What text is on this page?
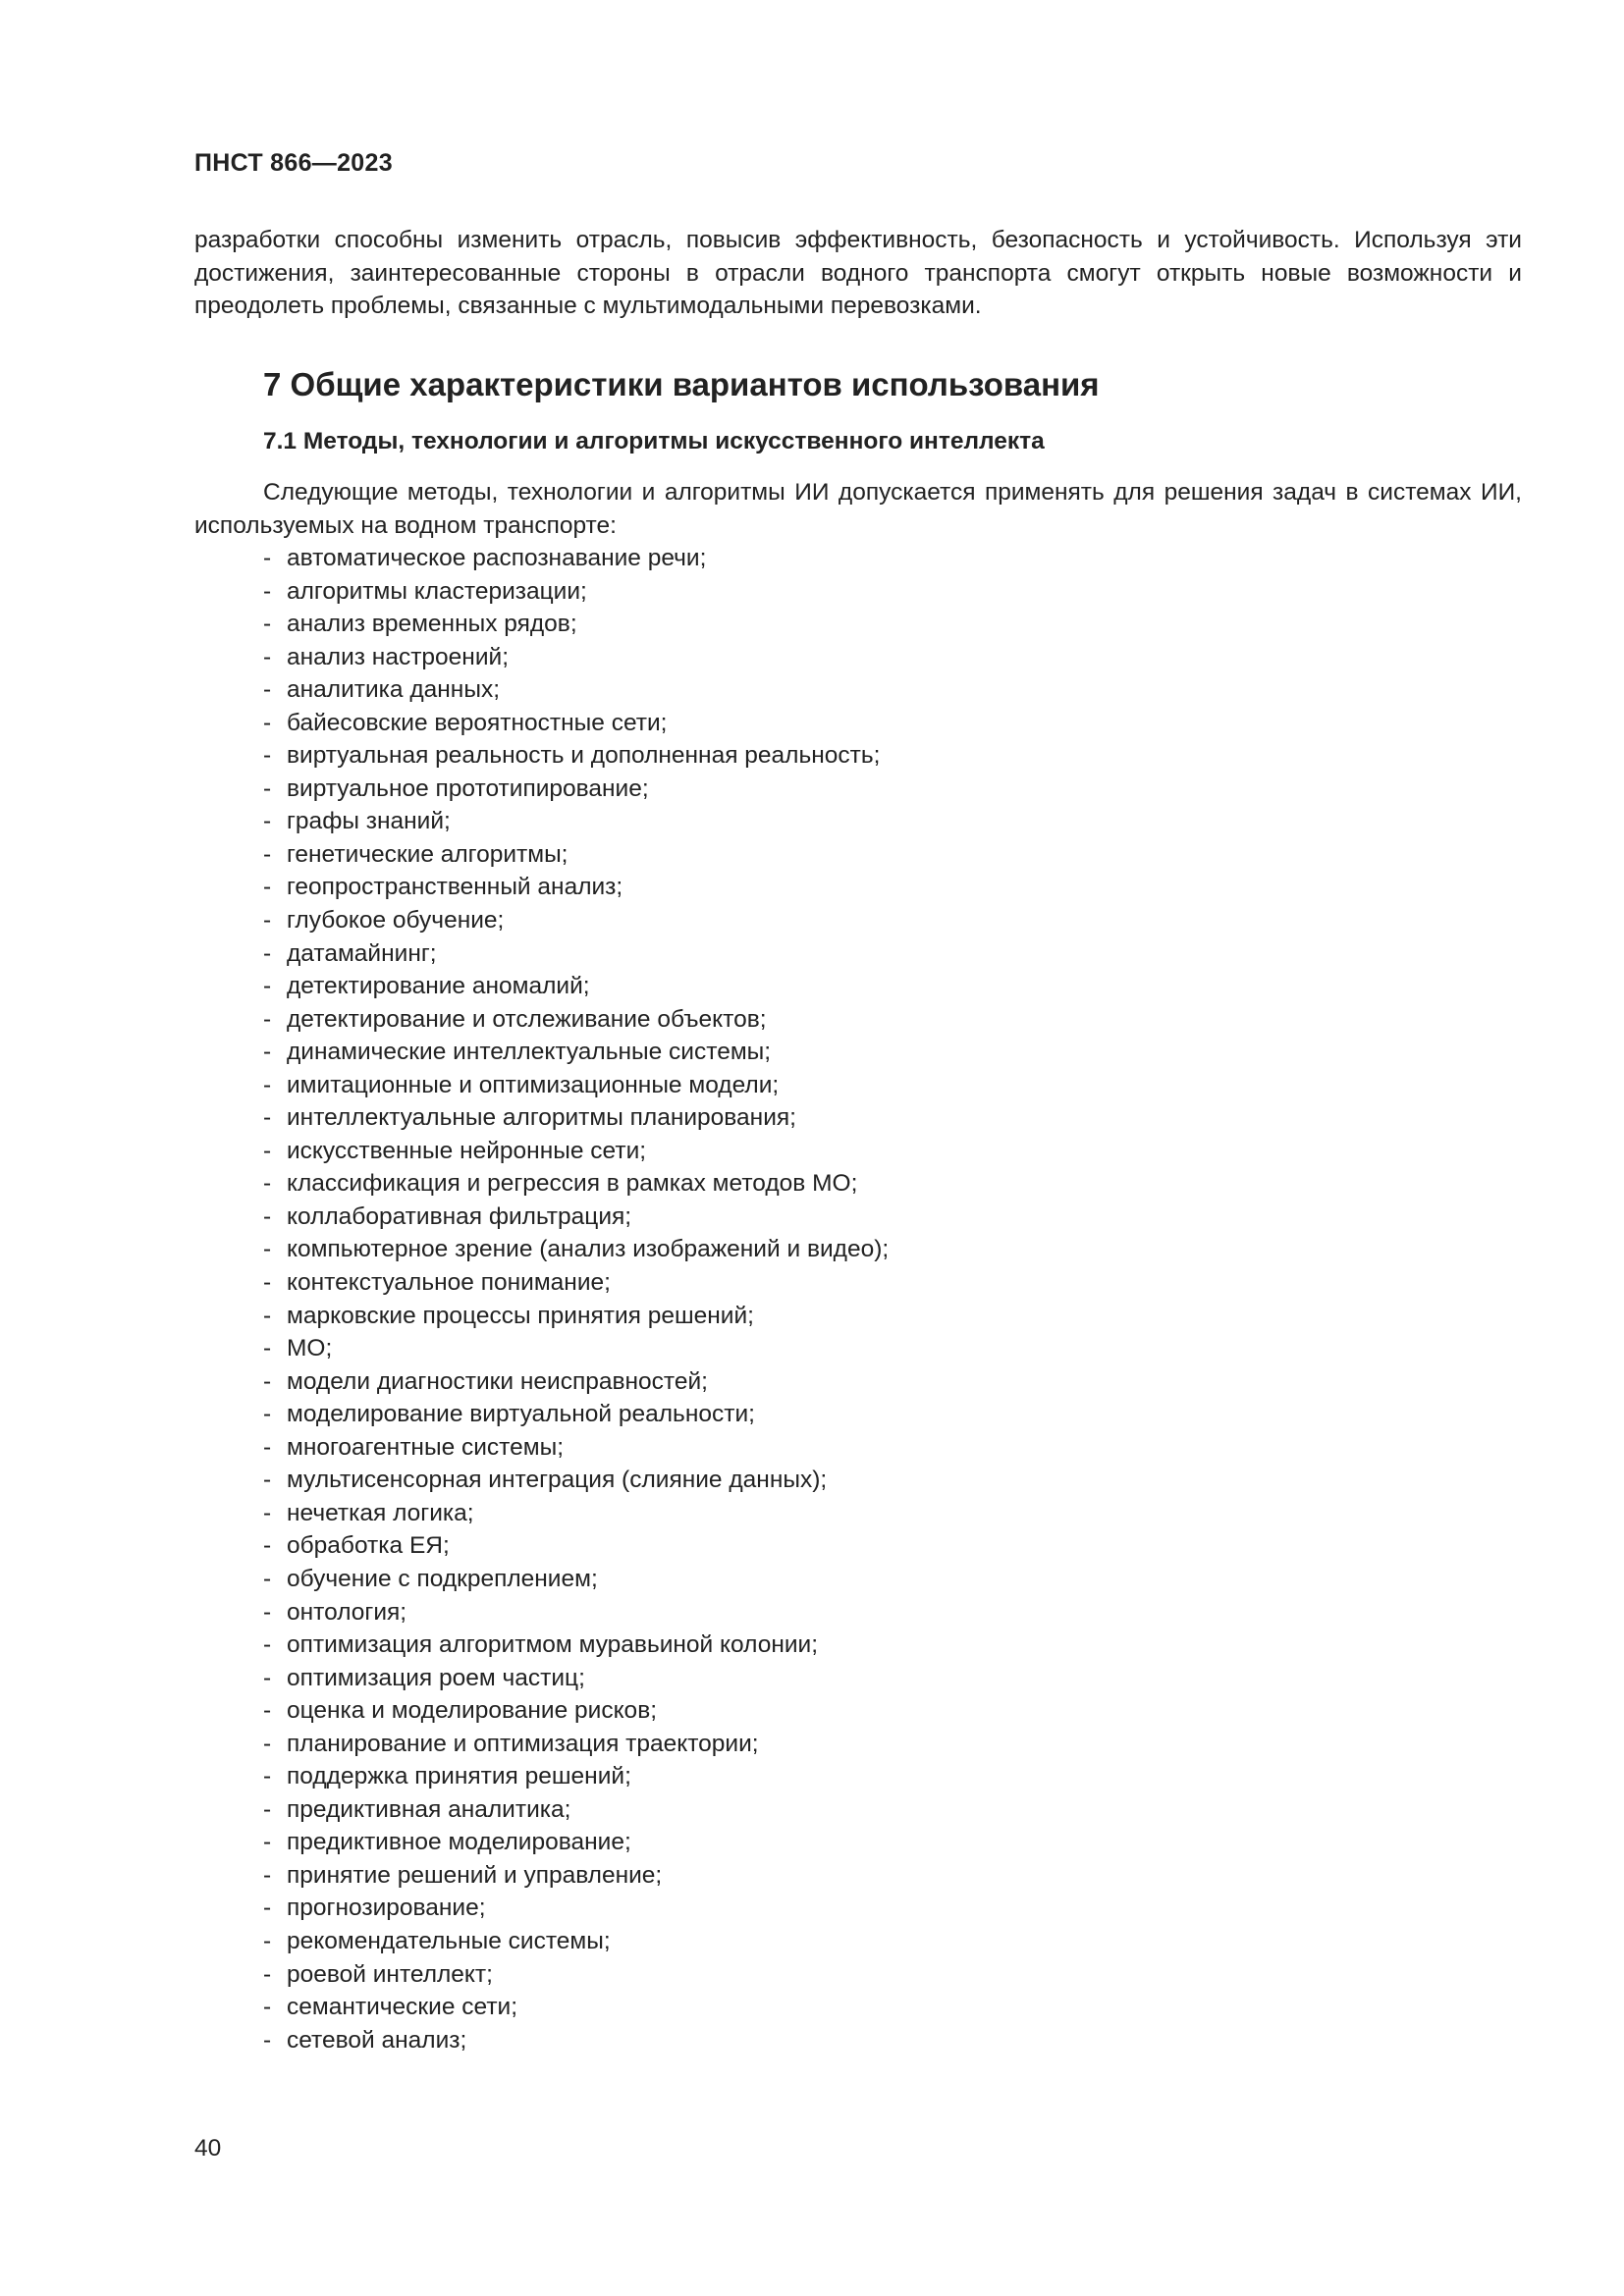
ПНСТ 866—2023

разработки способны изменить отрасль, повысив эффективность, безопасность и устойчивость. Используя эти достижения, заинтересованные стороны в отрасли водного транспорта смогут открыть новые возможности и преодолеть проблемы, связанные с мультимодальными перевозками.

7 Общие характеристики вариантов использования
7.1 Методы, технологии и алгоритмы искусственного интеллекта

Следующие методы, технологии и алгоритмы ИИ допускается применять для решения задач в системах ИИ, используемых на водном транспорте:

- автоматическое распознавание речи;
- алгоритмы кластеризации;
- анализ временных рядов;
- анализ настроений;
- аналитика данных;
- байесовские вероятностные сети;
- виртуальная реальность и дополненная реальность;
- виртуальное прототипирование;
- графы знаний;
- генетические алгоритмы;
- геопространственный анализ;
- глубокое обучение;
- датамайнинг;
- детектирование аномалий;
- детектирование и отслеживание объектов;
- динамические интеллектуальные системы;
- имитационные и оптимизационные модели;
- интеллектуальные алгоритмы планирования;
- искусственные нейронные сети;
- классификация и регрессия в рамках методов МО;
- коллаборативная фильтрация;
- компьютерное зрение (анализ изображений и видео);
- контекстуальное понимание;
- марковские процессы принятия решений;
- МО;
- модели диагностики неисправностей;
- моделирование виртуальной реальности;
- многоагентные системы;
- мультисенсорная интеграция (слияние данных);
- нечеткая логика;
- обработка ЕЯ;
- обучение с подкреплением;
- онтология;
- оптимизация алгоритмом муравьиной колонии;
- оптимизация роем частиц;
- оценка и моделирование рисков;
- планирование и оптимизация траектории;
- поддержка принятия решений;
- предиктивная аналитика;
- предиктивное моделирование;
- принятие решений и управление;
- прогнозирование;
- рекомендательные системы;
- роевой интеллект;
- семантические сети;
- сетевой анализ;
40
